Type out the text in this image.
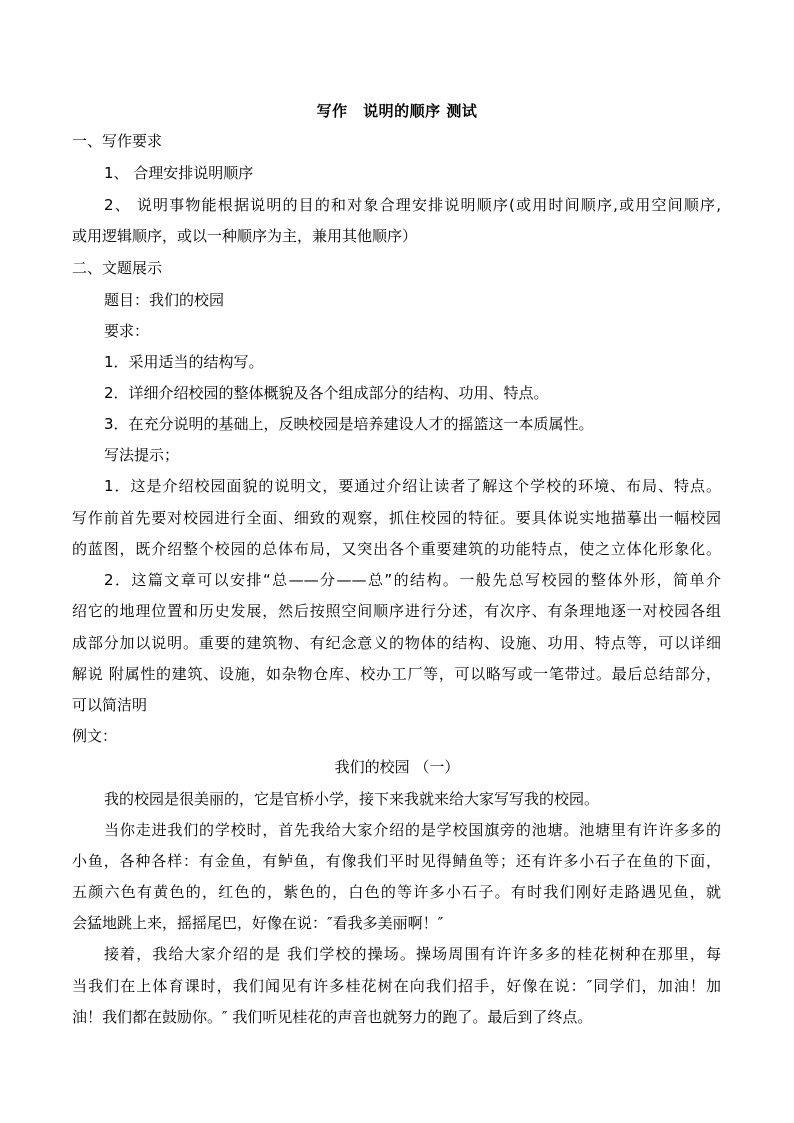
写作　说明的顺序 测试
一、写作要求
1、 合理安排说明顺序
2、 说明事物能根据说明的目的和对象合理安排说明顺序(或用时间顺序,或用空间顺序,
或用逻辑顺序，或以一种顺序为主，兼用其他顺序）
二、文题展示
题目：我们的校园
要求：
1．采用适当的结构写。
2．详细介绍校园的整体概貌及各个组成部分的结构、功用、特点。
3．在充分说明的基础上，反映校园是培养建设人才的摇篮这一本质属性。
写法提示；
1．这是介绍校园面貌的说明文，要通过介绍让读者了解这个学校的环境、布局、特点。
写作前首先要对校园进行全面、细致的观察，抓住校园的特征。要具体说实地描摹出一幅校园
的蓝图，既介绍整个校园的总体布局，又突出各个重要建筑的功能特点，使之立体化形象化。
2．这篇文章可以安排“总——分——总”的结构。一般先总写校园的整体外形，简单介
绍它的地理位置和历史发展，然后按照空间顺序进行分述，有次序、有条理地逐一对校园各组
成部分加以说明。重要的建筑物、有纪念意义的物体的结构、设施、功用、特点等，可以详细
解说 附属性的建筑、设施，如杂物仓库、校办工厂等，可以略写或一笔带过。最后总结部分，
可以简洁明
例文：
我们的校园 （一）
我的校园是很美丽的，它是官桥小学，接下来我就来给大家写写我的校园。
当你走进我们的学校时，首先我给大家介绍的是学校国旗旁的池塘。池塘里有许许多多的
小鱼，各种各样：有金鱼，有鲈鱼，有像我们平时见得鲭鱼等；还有许多小石子在鱼的下面，
五颜六色有黄色的，红色的，紫色的，白色的等许多小石子。有时我们刚好走路遇见鱼，就
会猛地跳上来，摇摇尾巴，好像在说：″看我多美丽啊！″
接着，我给大家介绍的是 我们学校的操场。操场周围有许许多多的桂花树种在那里，每
当我们在上体育课时，我们闻见有许多桂花树在向我们招手，好像在说：″同学们，加油！加
油！我们都在鼓励你。″ 我们听见桂花的声音也就努力的跑了。最后到了终点。
